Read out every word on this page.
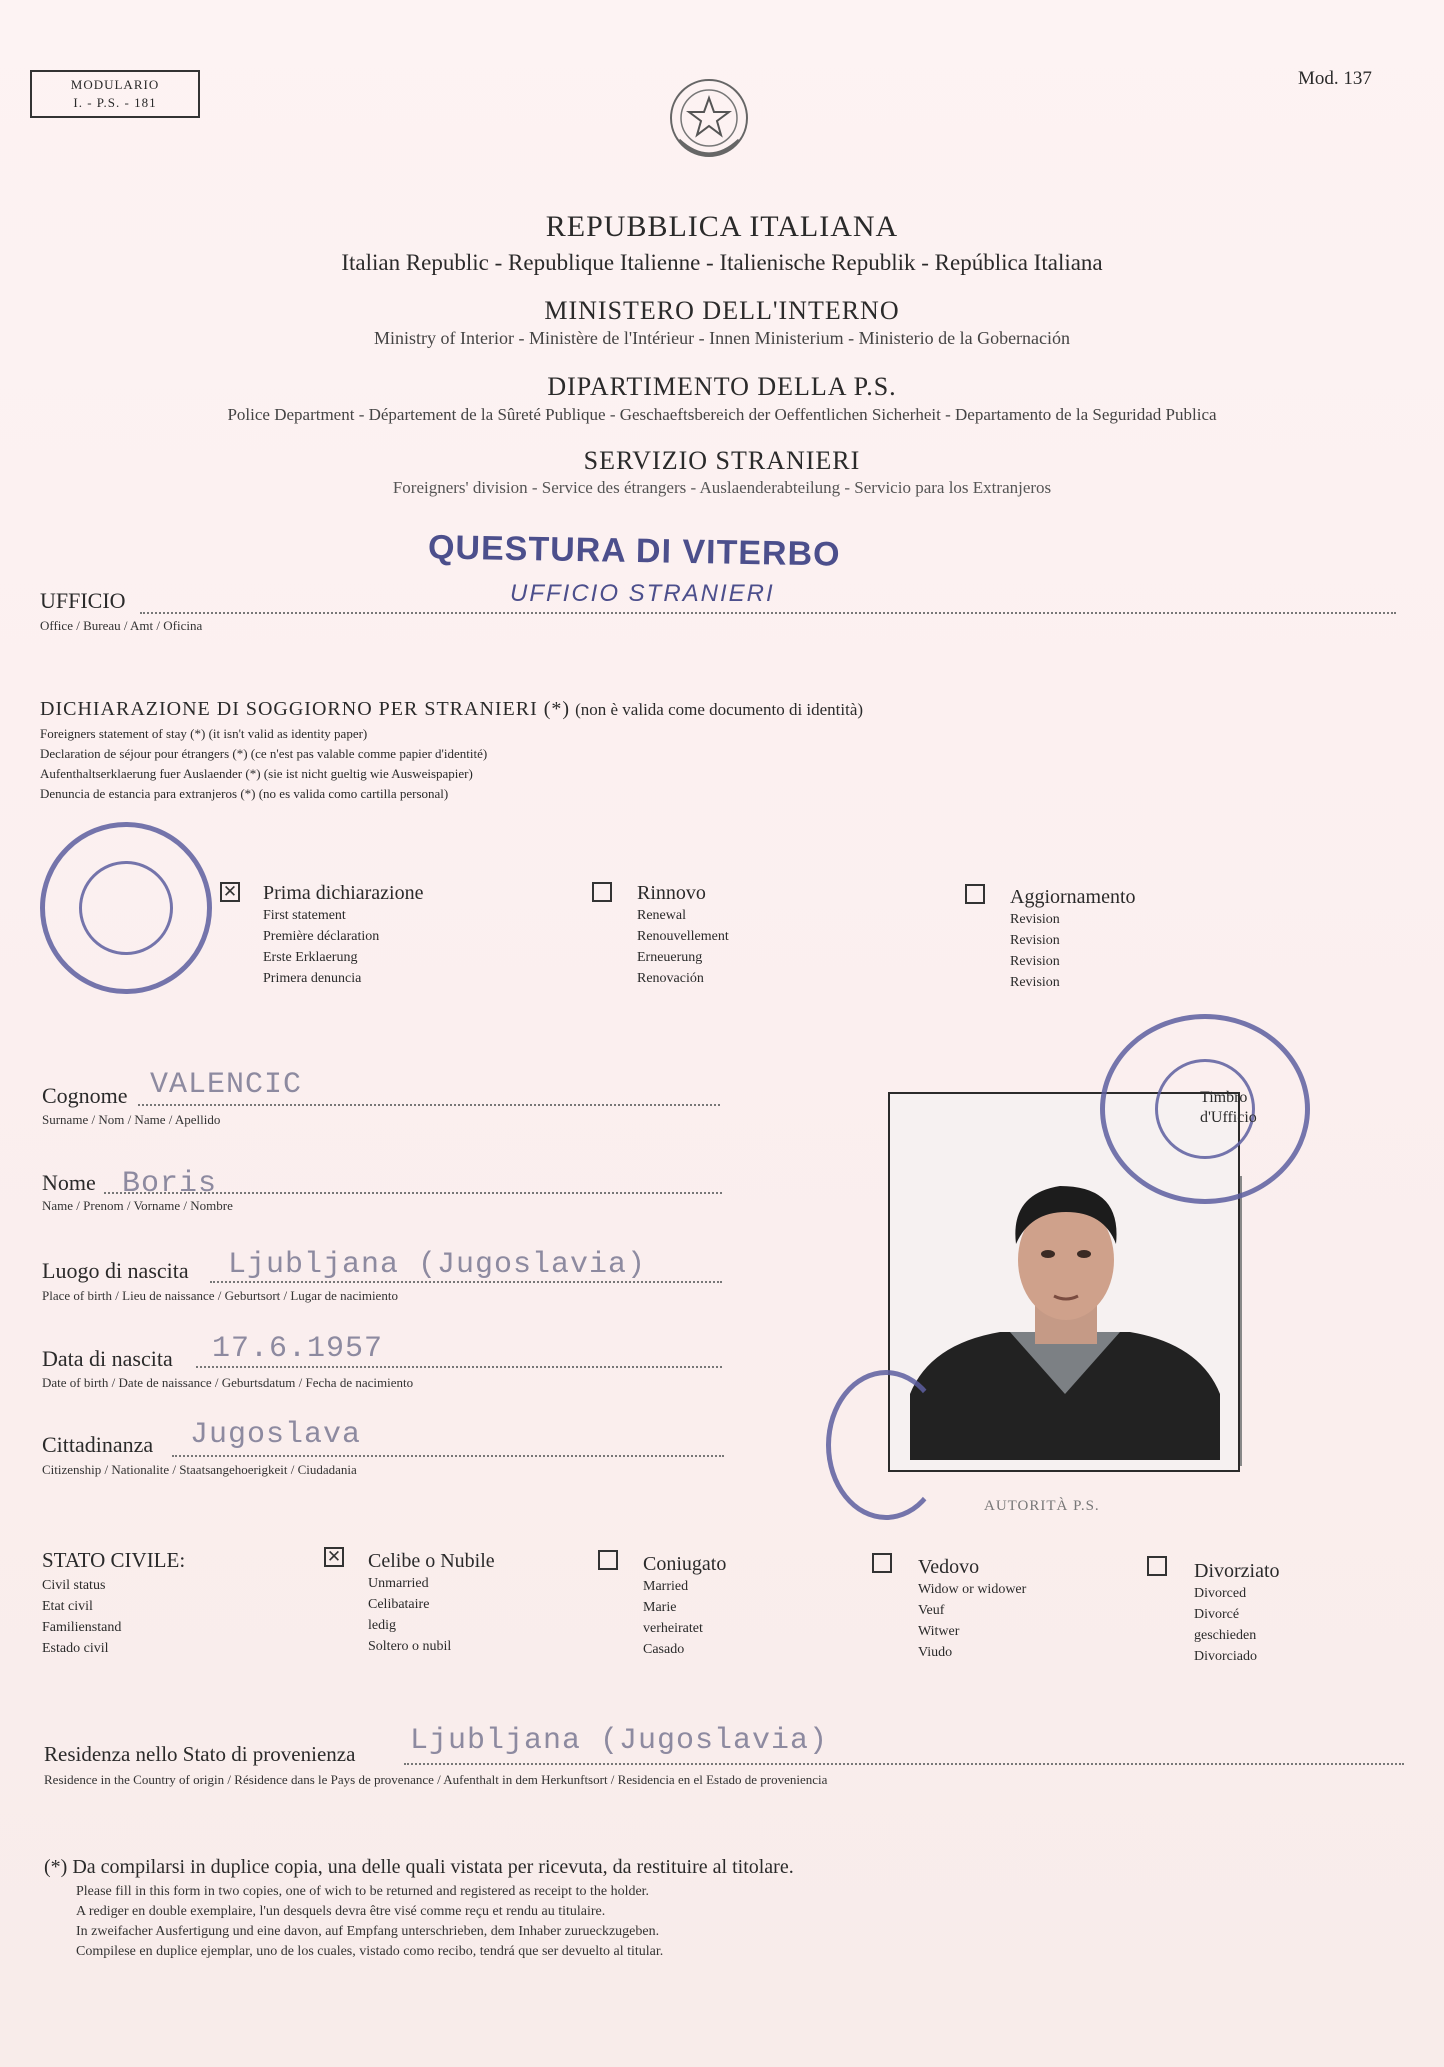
MODULARIO
I. - P.S. - 181
Mod. 137
REPUBBLICA ITALIANA
Italian Republic - Republique Italienne - Italienische Republik - República Italiana
MINISTERO DELL'INTERNO
Ministry of Interior - Ministère de l'Intérieur - Innen Ministerium - Ministerio de la Gobernación
DIPARTIMENTO DELLA P.S.
Police Department - Département de la Sûreté Publique - Geschaeftsbereich der Oeffentlichen Sicherheit - Departamento de la Seguridad Publica
SERVIZIO STRANIERI
Foreigners' division - Service des étrangers - Auslaenderabteilung - Servicio para los Extranjeros
QUESTURA DI VITERBO
UFFICIO STRANIERI
UFFICIO
Office / Bureau / Amt / Oficina
DICHIARAZIONE DI SOGGIORNO PER STRANIERI (*) (non è valida come documento di identità)
Foreigners statement of stay (*) (it isn't valid as identity paper)
Declaration de séjour pour étrangers (*) (ce n'est pas valable comme papier d'identité)
Aufenthaltserklaerung fuer Auslaender (*) (sie ist nicht gueltig wie Ausweispapier)
Denuncia de estancia para extranjeros (*) (no es valida como cartilla personal)
✕
Prima dichiarazione
First statement
Première déclaration
Erste Erklaerung
Primera denuncia
Rinnovo
Renewal
Renouvellement
Erneuerung
Renovación
Aggiornamento
Revision
Revision
Revision
Revision
Cognome VALENCIC
Surname / Nom / Name / Apellido
Nome Boris
Name / Prenom / Vorname / Nombre
Luogo di nascita Ljubljana (Jugoslavia)
Place of birth / Lieu de naissance / Geburtsort / Lugar de nacimiento
Data di nascita 17.6.1957
Date of birth / Date de naissance / Geburtsdatum / Fecha de nacimiento
Cittadinanza Jugoslava
Citizenship / Nationalite / Staatsangehoerigkeit / Ciudadania
Timbro d'Ufficio
AUTORITÀ P.S.
STATO CIVILE:
Civil status
Etat civil
Familienstand
Estado civil
✕
Celibe o Nubile
Unmarried
Celibataire
ledig
Soltero o nubil
Coniugato
Married
Marie
verheiratet
Casado
Vedovo
Widow or widower
Veuf
Witwer
Viudo
Divorziato
Divorced
Divorcé
geschieden
Divorciado
Residenza nello Stato di provenienza Ljubljana (Jugoslavia)
Residence in the Country of origin / Résidence dans le Pays de provenance / Aufenthalt in dem Herkunftsort / Residencia en el Estado de proveniencia
(*) Da compilarsi in duplice copia, una delle quali vistata per ricevuta, da restituire al titolare.
Please fill in this form in two copies, one of wich to be returned and registered as receipt to the holder.
A rediger en double exemplaire, l'un desquels devra être visé comme reçu et rendu au titulaire.
In zweifacher Ausfertigung und eine davon, auf Empfang unterschrieben, dem Inhaber zurueckzugeben.
Compilese en duplice ejemplar, uno de los cuales, vistado como recibo, tendrá que ser devuelto al titular.
